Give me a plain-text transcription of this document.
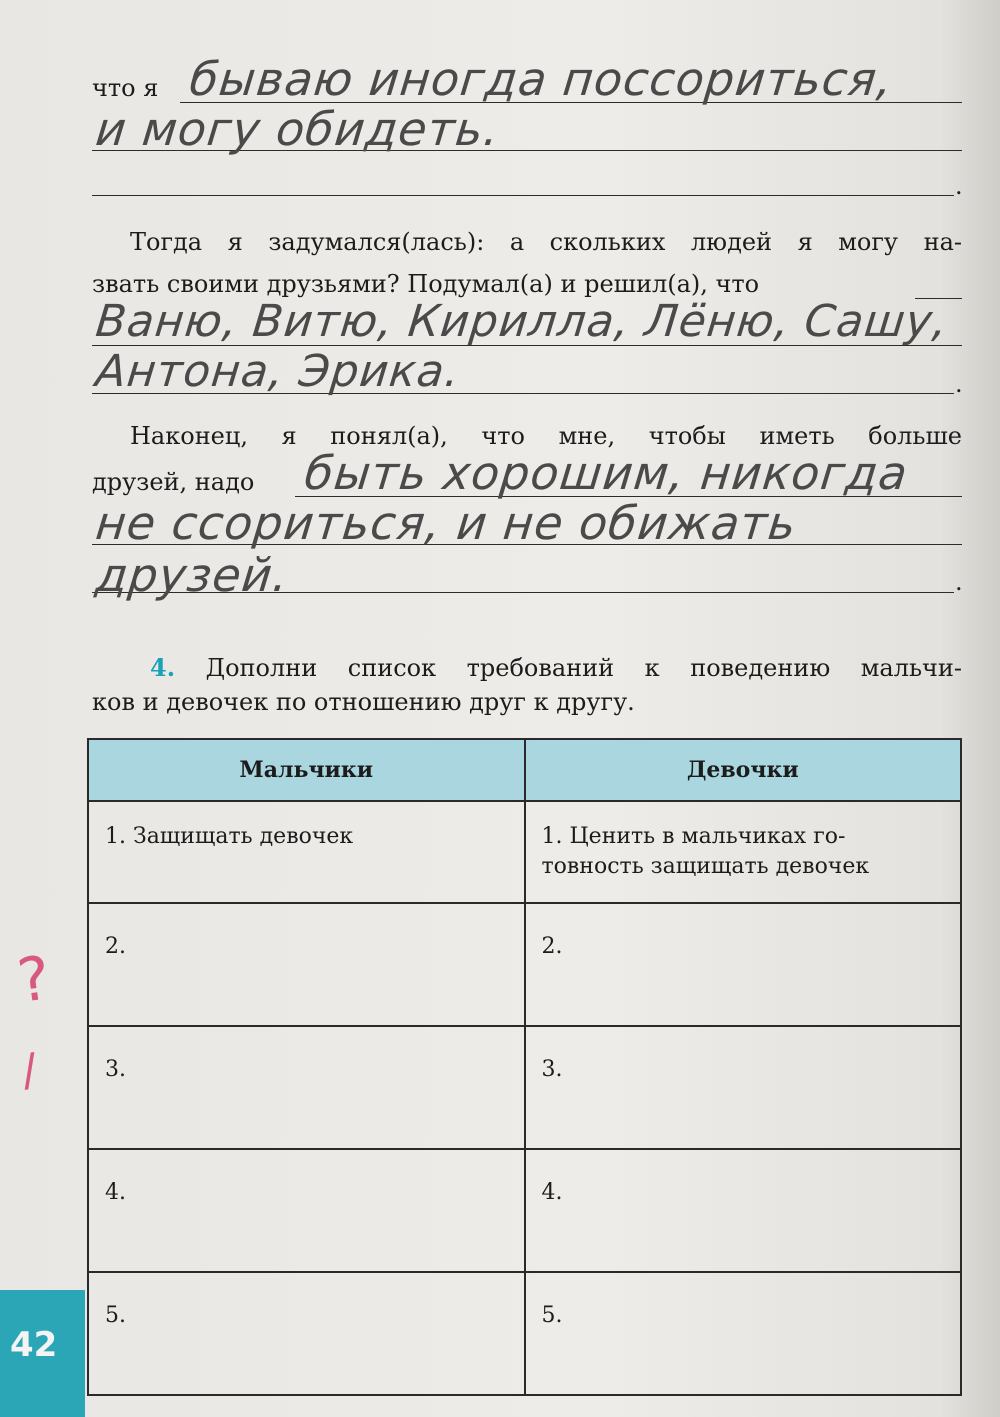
что я бываю иногда поссориться,
и могу обидеть.
.
Тогда я задумался(лась): а скольких людей я могу на-
звать своими друзьями? Подумал(а) и решил(а), что
Ваню, Витю, Кирилла, Лёню, Сашу,
Антона, Эрика.	.
Наконец, я понял(а), что мне, чтобы иметь больше
друзей, надо быть хорошим, никогда
не ссориться, и не обижать
друзей.	.
4. Дополни список требований к поведению мальчи-
ков и девочек по отношению друг к другу.
Мальчики	Девочки
1. Защищать девочек	1. Ценить в мальчиках го-товность защищать девочек
2.	2.
3.	3.
4.	4.
5.	5.
?
/
42
